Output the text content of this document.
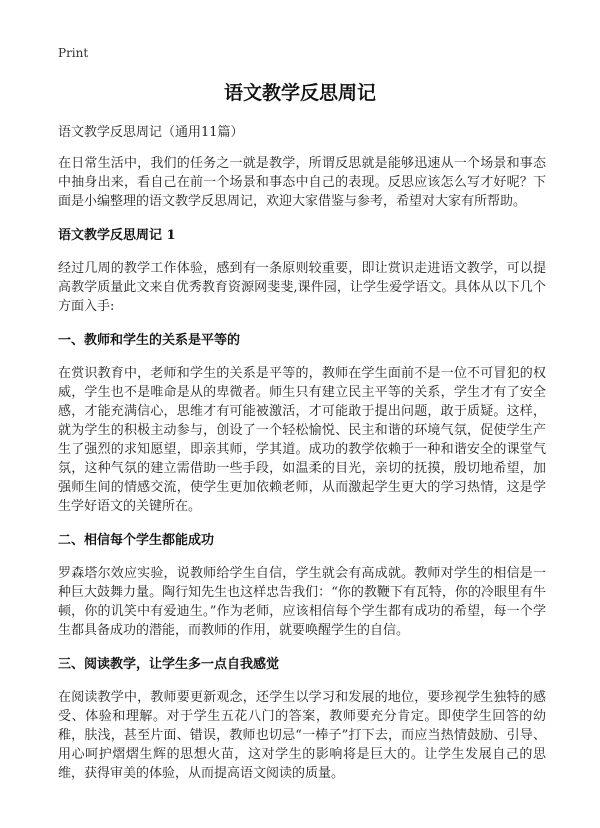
Print
语文教学反思周记

语文教学反思周记（通用11篇）

在日常生活中，我们的任务之一就是教学，所谓反思就是能够迅速从一个场景和事态中抽身出来，看自己在前一个场景和事态中自己的表现。反思应该怎么写才好呢？下面是小编整理的语文教学反思周记，欢迎大家借鉴与参考，希望对大家有所帮助。

语文教学反思周记 1

经过几周的教学工作体验，感到有一条原则较重要，即让赏识走进语文教学，可以提高教学质量此文来自优秀教育资源网斐斐,课件园，让学生爱学语文。具体从以下几个方面入手:

一、教师和学生的关系是平等的

在赏识教育中，老师和学生的关系是平等的，教师在学生面前不是一位不可冒犯的权威，学生也不是唯命是从的卑微者。师生只有建立民主平等的关系，学生才有了安全感，才能充满信心，思维才有可能被激活，才可能敢于提出问题，敢于质疑。这样，就为学生的积极主动参与，创设了一个轻松愉悦、民主和谐的环境气氛，促使学生产生了强烈的求知愿望，即亲其师，学其道。成功的教学依赖于一种和谐安全的课堂气氛，这种气氛的建立需借助一些手段，如温柔的目光，亲切的抚摸，殷切地希望，加强师生间的情感交流，使学生更加依赖老师，从而激起学生更大的学习热情，这是学生学好语文的关键所在。

二、相信每个学生都能成功

罗森塔尔效应实验，说教师给学生自信，学生就会有高成就。教师对学生的相信是一种巨大鼓舞力量。陶行知先生也这样忠告我们：“你的教鞭下有瓦特，你的冷眼里有牛顿，你的讥笑中有爱迪生。”作为老师，应该相信每个学生都有成功的希望，每一个学生都具备成功的潜能，而教师的作用，就要唤醒学生的自信。

三、阅读教学，让学生多一点自我感觉

在阅读教学中，教师要更新观念，还学生以学习和发展的地位，要珍视学生独特的感受、体验和理解。对于学生五花八门的答案，教师要充分肯定。即使学生回答的幼稚，肤浅，甚至片面、错误，教师也切忌“一棒子”打下去，而应当热情鼓励、引导、用心呵护熠熠生辉的思想火苗，这对学生的影响将是巨大的。让学生发展自己的思维，获得审美的体验，从而提高语文阅读的质量。
